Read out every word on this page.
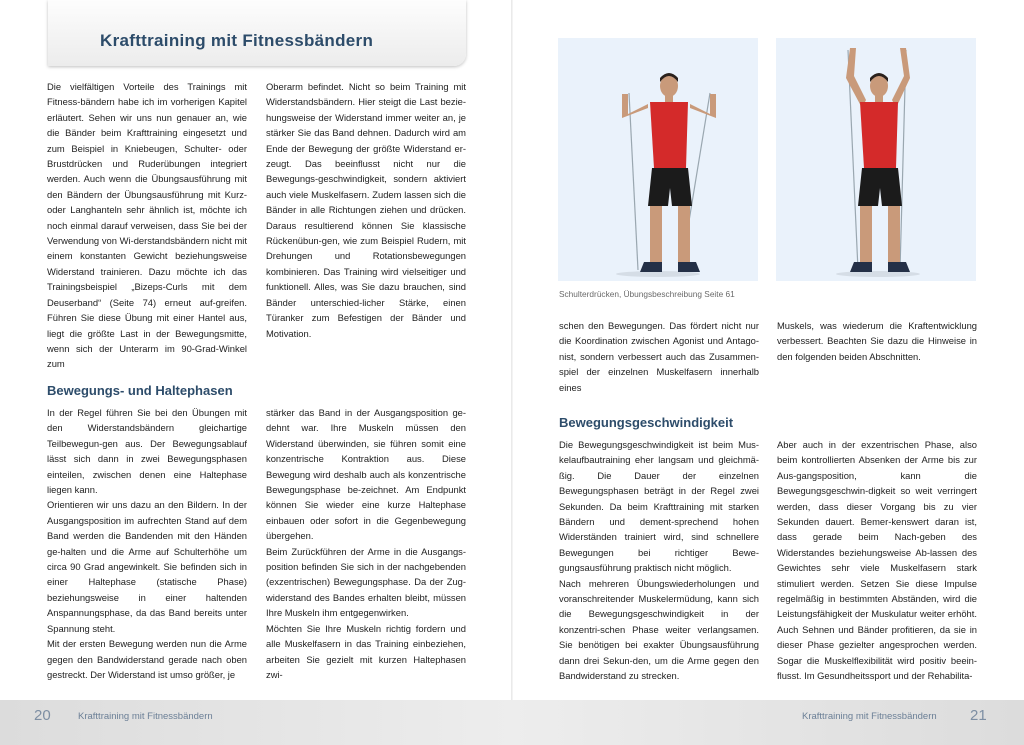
Krafttraining mit Fitnessbändern

Die vielfältigen Vorteile des Trainings mit Fitness-bändern habe ich im vorherigen Kapitel erläutert. Sehen wir uns nun genauer an, wie die Bänder beim Krafttraining eingesetzt und zum Beispiel in Kniebeugen, Schulter- oder Brustdrücken und Ruderübungen integriert werden. Auch wenn die Übungsausführung mit den Bändern der Übungsausführung mit Kurz- oder Langhanteln sehr ähnlich ist, möchte ich noch einmal darauf verweisen, dass Sie bei der Verwendung von Wi-derstandsbändern nicht mit einem konstanten Gewicht beziehungsweise Widerstand trainieren. Dazu möchte ich das Trainingsbeispiel „Bizeps-Curls mit dem Deuserband“ (Seite 74) erneut auf-greifen. Führen Sie diese Übung mit einer Hantel aus, liegt die größte Last in der Bewegungsmitte, wenn sich der Unterarm im 90-Grad-Winkel zum

Oberarm befindet. Nicht so beim Training mit Widerstandsbändern. Hier steigt die Last bezie-hungsweise der Widerstand immer weiter an, je stärker Sie das Band dehnen. Dadurch wird am Ende der Bewegung der größte Widerstand er-zeugt. Das beeinflusst nicht nur die Bewegungs-geschwindigkeit, sondern aktiviert auch viele Muskelfasern. Zudem lassen sich die Bänder in alle Richtungen ziehen und drücken. Daraus resultierend können Sie klassische Rückenübun-gen, wie zum Beispiel Rudern, mit Drehungen und Rotationsbewegungen kombinieren. Das Training wird vielseitiger und funktionell. Alles, was Sie dazu brauchen, sind Bänder unterschied-licher Stärke, einen Türanker zum Befestigen der Bänder und Motivation.

Bewegungs- und Haltephasen

In der Regel führen Sie bei den Übungen mit den Widerstandsbändern gleichartige Teilbewegun-gen aus. Der Bewegungsablauf lässt sich dann in zwei Bewegungsphasen einteilen, zwischen denen eine Haltephase liegen kann.

Orientieren wir uns dazu an den Bildern. In der Ausgangsposition im aufrechten Stand auf dem Band werden die Bandenden mit den Händen ge-halten und die Arme auf Schulterhöhe um circa 90 Grad angewinkelt. Sie befinden sich in einer Haltephase (statische Phase) beziehungsweise in einer haltenden Anspannungsphase, da das Band bereits unter Spannung steht.

Mit der ersten Bewegung werden nun die Arme gegen den Bandwiderstand gerade nach oben gestreckt. Der Widerstand ist umso größer, je

stärker das Band in der Ausgangsposition ge-dehnt war. Ihre Muskeln müssen den Widerstand überwinden, sie führen somit eine konzentrische Kontraktion aus. Diese Bewegung wird deshalb auch als konzentrische Bewegungsphase be-zeichnet. Am Endpunkt können Sie wieder eine kurze Haltephase einbauen oder sofort in die Gegenbewegung übergehen.

Beim Zurückführen der Arme in die Ausgangs-position befinden Sie sich in der nachgebenden (exzentrischen) Bewegungsphase. Da der Zug-widerstand des Bandes erhalten bleibt, müssen Ihre Muskeln ihm entgegenwirken.

Möchten Sie Ihre Muskeln richtig fordern und alle Muskelfasern in das Training einbeziehen, arbeiten Sie gezielt mit kurzen Haltephasen zwi-

Schulterdrücken, Übungsbeschreibung Seite 61

schen den Bewegungen. Das fördert nicht nur die Koordination zwischen Agonist und Antago-nist, sondern verbessert auch das Zusammen-spiel der einzelnen Muskelfasern innerhalb eines

Muskels, was wiederum die Kraftentwicklung verbessert. Beachten Sie dazu die Hinweise in den folgenden beiden Abschnitten.

Bewegungsgeschwindigkeit

Die Bewegungsgeschwindigkeit ist beim Mus-kelaufbautraining eher langsam und gleichmä-ßig. Die Dauer der einzelnen Bewegungsphasen beträgt in der Regel zwei Sekunden. Da beim Krafttraining mit starken Bändern und dement-sprechend hohen Widerständen trainiert wird, sind schnellere Bewegungen bei richtiger Bewe-gungsausführung praktisch nicht möglich.

Nach mehreren Übungswiederholungen und voranschreitender Muskelermüdung, kann sich die Bewegungsgeschwindigkeit in der konzentri-schen Phase weiter verlangsamen. Sie benötigen bei exakter Übungsausführung dann drei Sekun-den, um die Arme gegen den Bandwiderstand zu strecken.

Aber auch in der exzentrischen Phase, also beim kontrollierten Absenken der Arme bis zur Aus-gangsposition, kann die Bewegungsgeschwin-digkeit so weit verringert werden, dass dieser Vorgang bis zu vier Sekunden dauert. Bemer-kenswert daran ist, dass gerade beim Nach-geben des Widerstandes beziehungsweise Ab-lassen des Gewichtes sehr viele Muskelfasern stark stimuliert werden. Setzen Sie diese Impulse regelmäßig in bestimmten Abständen, wird die Leistungsfähigkeit der Muskulatur weiter erhöht. Auch Sehnen und Bänder profitieren, da sie in dieser Phase gezielter angesprochen werden. Sogar die Muskelflexibilität wird positiv beein-flusst. Im Gesundheitssport und der Rehabilita-

20	Krafttraining mit Fitnessbändern	Krafttraining mit Fitnessbändern 21
